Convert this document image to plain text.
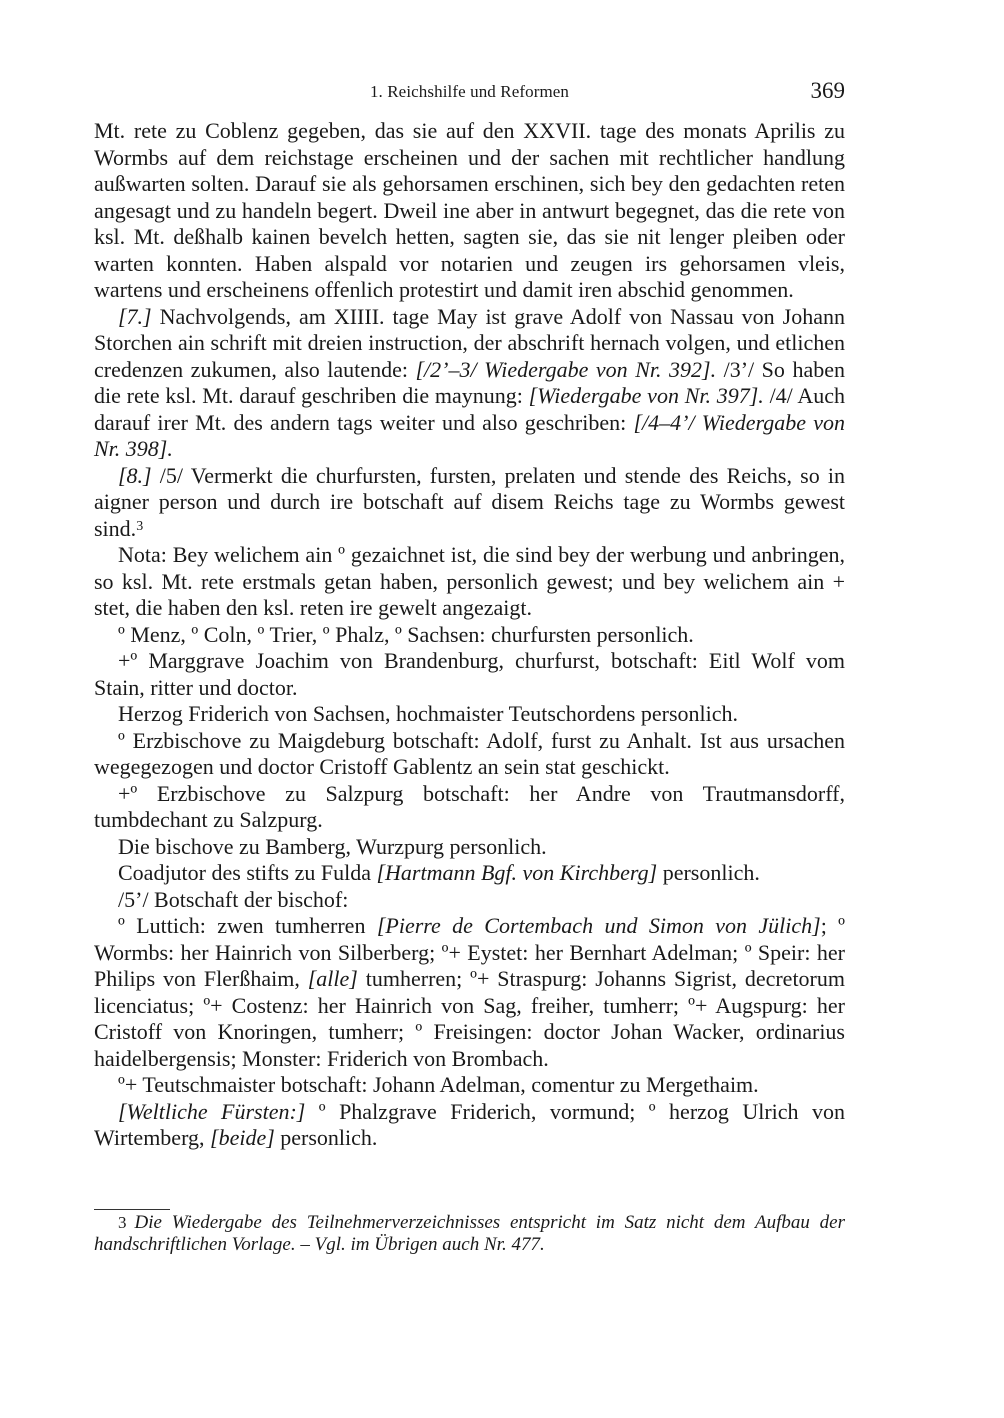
1. Reichshilfe und Reformen	369

Mt. rete zu Coblenz gegeben, das sie auf den XXVII. tage des monats Aprilis zu Wormbs auf dem reichstage erscheinen und der sachen mit rechtlicher handlung außwarten solten. Darauf sie als gehorsamen erschinen, sich bey den gedachten reten angesagt und zu handeln begert. Dweil ine aber in antwurt begegnet, das die rete von ksl. Mt. deßhalb kainen bevelch hetten, sagten sie, das sie nit lenger pleiben oder warten konnten. Haben alspald vor notarien und zeugen irs gehorsamen vleis, wartens und erscheinens offenlich protestirt und damit iren abschid genommen.

[7.] Nachvolgends, am XIIII. tage May ist grave Adolf von Nassau von Johann Storchen ain schrift mit dreien instruction, der abschrift hernach volgen, und etlichen credenzen zukumen, also lautende: [/2’–3/ Wiedergabe von Nr. 392]. /3’/ So haben die rete ksl. Mt. darauf geschriben die maynung: [Wiedergabe von Nr. 397]. /4/ Auch darauf irer Mt. des andern tags weiter und also geschriben: [/4–4’/ Wiedergabe von Nr. 398].

[8.] /5/ Vermerkt die churfursten, fursten, prelaten und stende des Reichs, so in aigner person und durch ire botschaft auf disem Reichs tage zu Wormbs gewest sind.$^3$

Nota: Bey welichem ain º gezaichnet ist, die sind bey der werbung und anbringen, so ksl. Mt. rete erstmals getan haben, personlich gewest; und bey welichem ain + stet, die haben den ksl. reten ire gewelt angezaigt.

º Menz, º Coln, º Trier, º Phalz, º Sachsen: churfursten personlich.

+º Marggrave Joachim von Brandenburg, churfurst, botschaft: Eitl Wolf vom Stain, ritter und doctor.

Herzog Friderich von Sachsen, hochmaister Teutschordens personlich.

º Erzbischove zu Maigdeburg botschaft: Adolf, furst zu Anhalt. Ist aus ursachen wegegezogen und doctor Cristoff Gablentz an sein stat geschickt.

+º Erzbischove zu Salzpurg botschaft: her Andre von Trautmansdorff, tumbdechant zu Salzpurg.

Die bischove zu Bamberg, Wurzpurg personlich.

Coadjutor des stifts zu Fulda [Hartmann Bgf. von Kirchberg] personlich.

/5’/ Botschaft der bischof:

º Luttich: zwen tumherren [Pierre de Cortembach und Simon von Jülich]; º Wormbs: her Hainrich von Silberberg; º+ Eystet: her Bernhart Adelman; º Speir: her Philips von Flerßhaim, [alle] tumherren; º+ Straspurg: Johanns Sigrist, decretorum licenciatus; º+ Costenz: her Hainrich von Sag, freiher, tumherr; º+ Augspurg: her Cristoff von Knoringen, tumherr; º Freisingen: doctor Johan Wacker, ordinarius haidelbergensis; Monster: Friderich von Brombach.

º+ Teutschmaister botschaft: Johann Adelman, comentur zu Mergethaim.

[Weltliche Fürsten:] º Phalzgrave Friderich, vormund; º herzog Ulrich von Wirtemberg, [beide] personlich.

3 Die Wiedergabe des Teilnehmerverzeichnisses entspricht im Satz nicht dem Aufbau der handschriftlichen Vorlage. – Vgl. im Übrigen auch Nr. 477.
